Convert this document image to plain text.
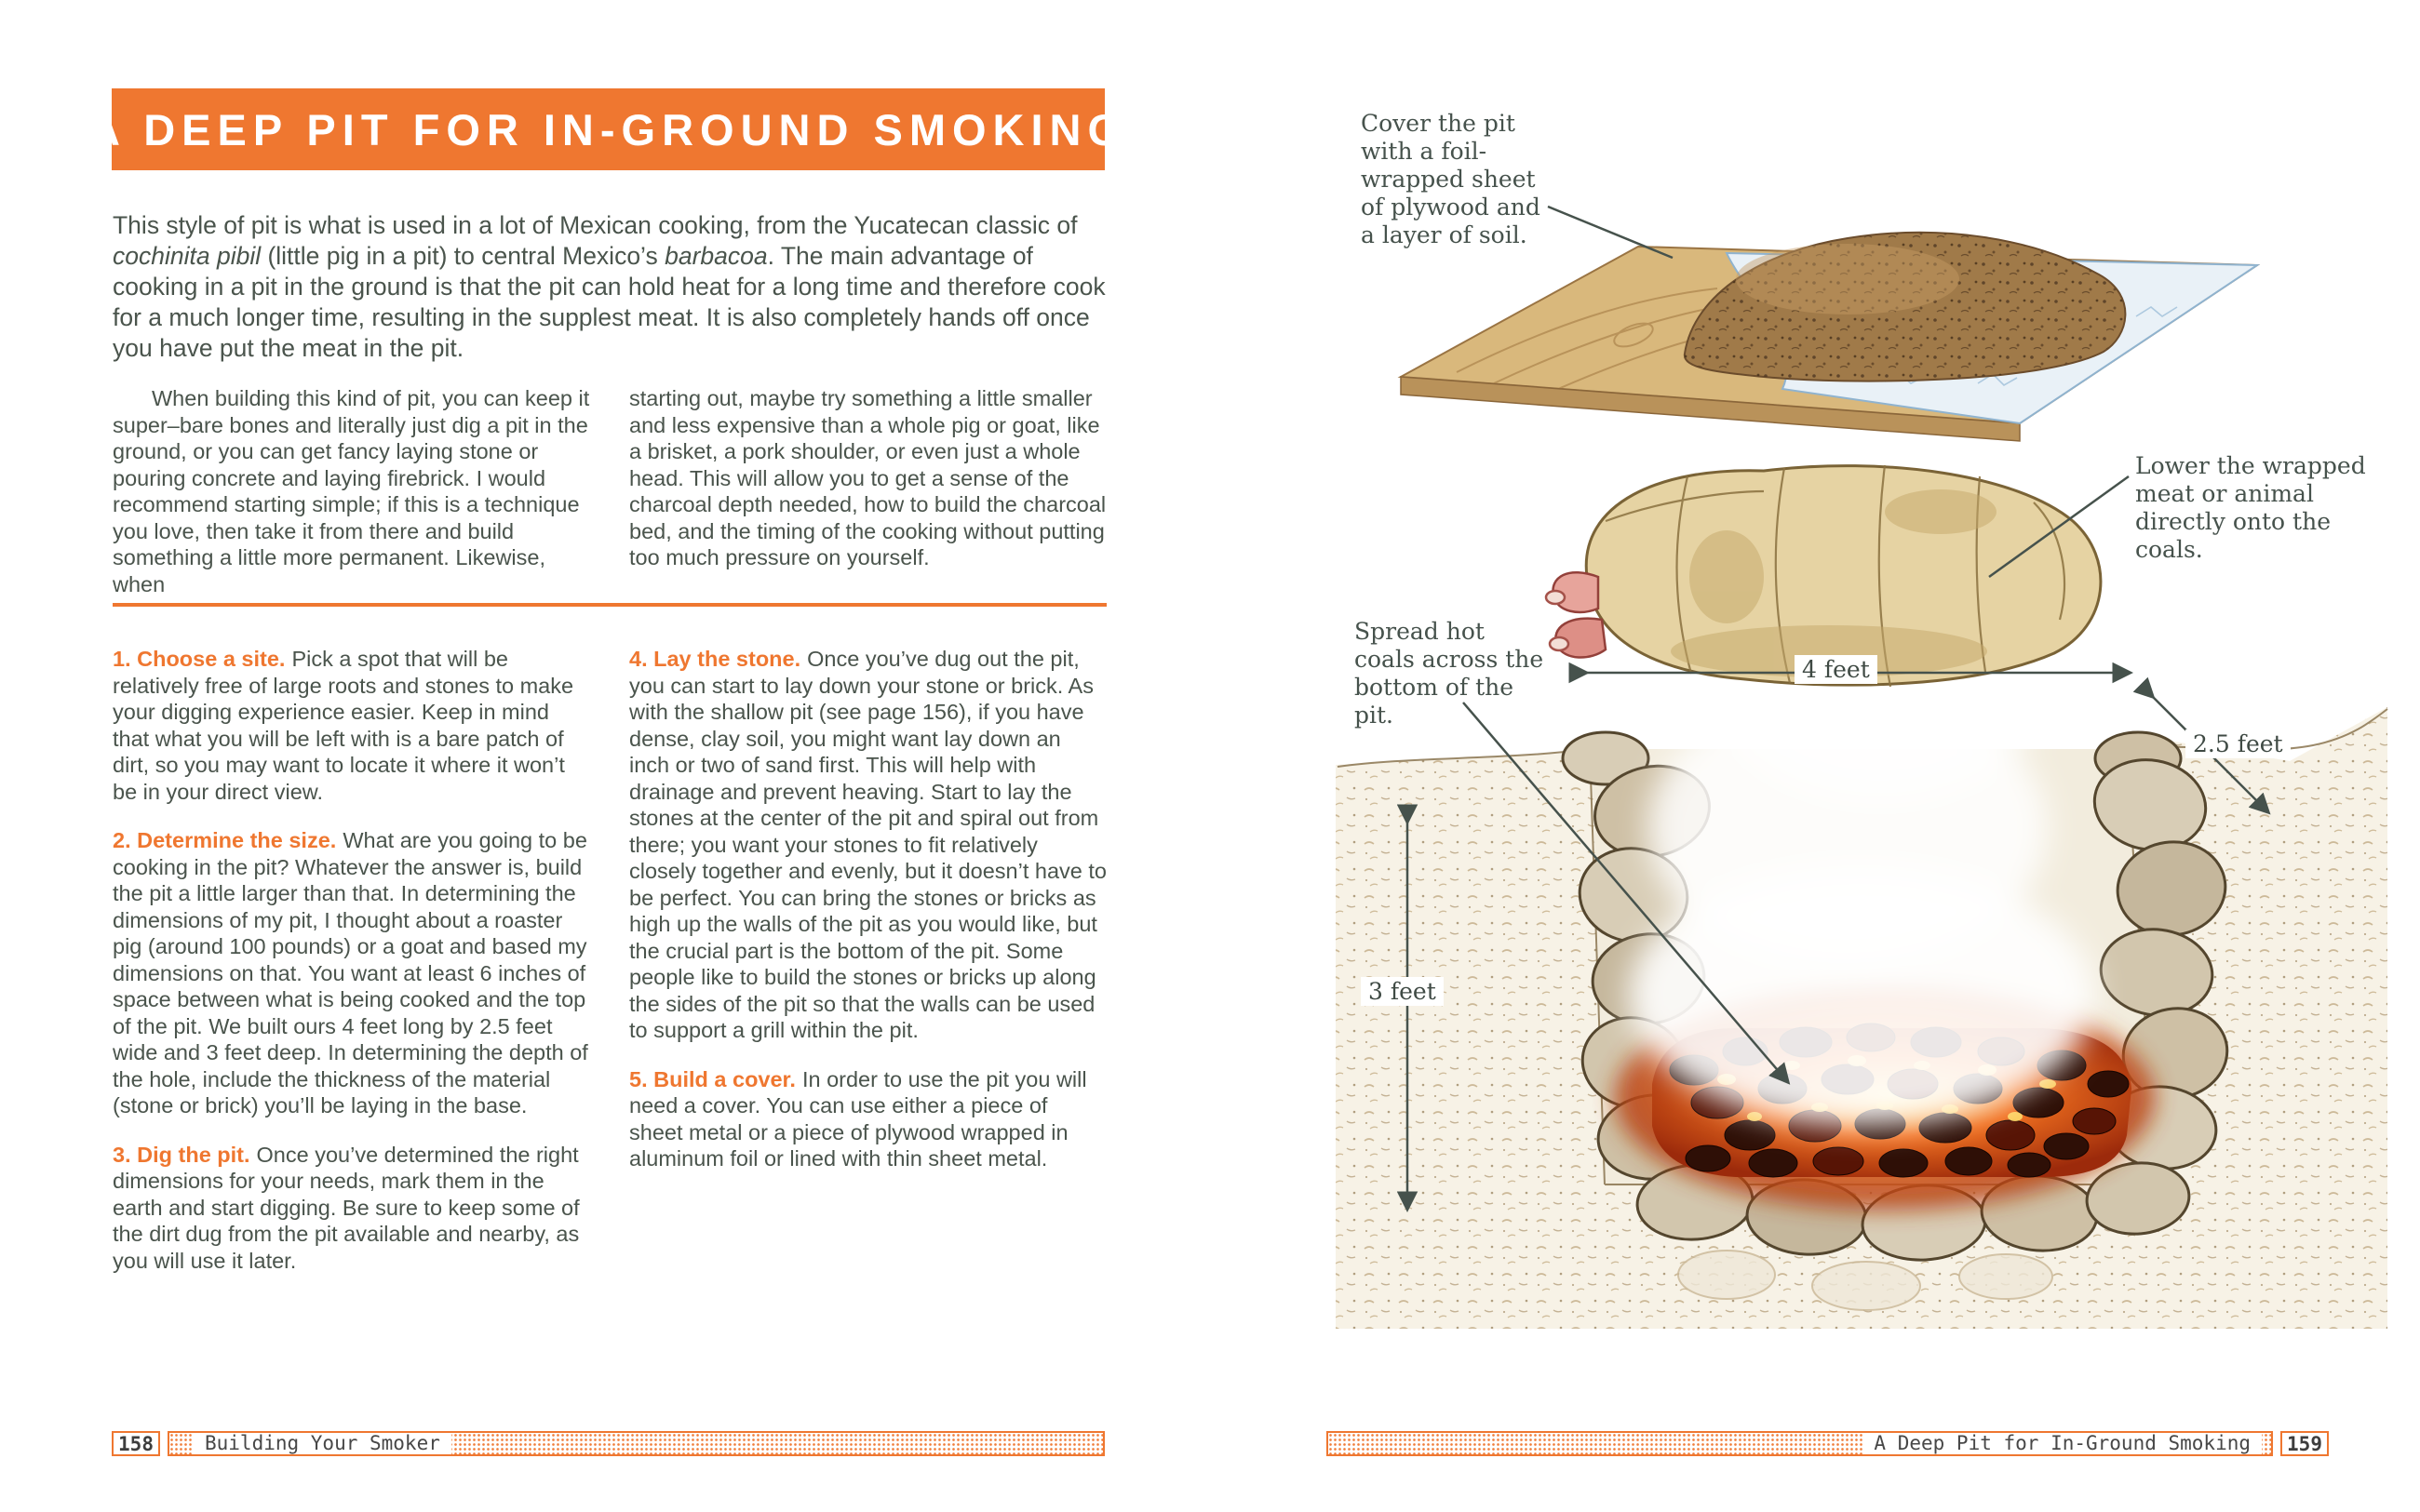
A DEEP PIT FOR IN-GROUND SMOKING
This style of pit is what is used in a lot of Mexican cooking, from the Yucatecan classic of cochinita pibil (little pig in a pit) to central Mexico’s barbacoa. The main advantage of cooking in a pit in the ground is that the pit can hold heat for a long time and therefore cook for a much longer time, resulting in the supplest meat. It is also completely hands off once you have put the meat in the pit.

When building this kind of pit, you can keep it super–bare bones and literally just dig a pit in the ground, or you can get fancy laying stone or pouring concrete and laying firebrick. I would recommend starting simple; if this is a technique you love, then take it from there and build something a little more permanent. Likewise, when

starting out, maybe try something a little smaller and less expensive than a whole pig or goat, like a brisket, a pork shoulder, or even just a whole head. This will allow you to get a sense of the charcoal depth needed, how to build the charcoal bed, and the timing of the cooking without putting too much pressure on yourself.

1. Choose a site. Pick a spot that will be relatively free of large roots and stones to make your digging experience easier. Keep in mind that what you will be left with is a bare patch of dirt, so you may want to locate it where it won’t be in your direct view.

2. Determine the size. What are you going to be cooking in the pit? Whatever the answer is, build the pit a little larger than that. In determining the dimensions of my pit, I thought about a roaster pig (around 100 pounds) or a goat and based my dimensions on that. You want at least 6 inches of space between what is being cooked and the top of the pit. We built ours 4 feet long by 2.5 feet wide and 3 feet deep. In determining the depth of the hole, include the thickness of the material (stone or brick) you’ll be laying in the base.

3. Dig the pit. Once you’ve determined the right dimensions for your needs, mark them in the earth and start digging. Be sure to keep some of the dirt dug from the pit available and nearby, as you will use it later.

4. Lay the stone. Once you’ve dug out the pit, you can start to lay down your stone or brick. As with the shallow pit (see page 156), if you have dense, clay soil, you might want lay down an inch or two of sand first. This will help with drainage and prevent heaving. Start to lay the stones at the center of the pit and spiral out from there; you want your stones to fit relatively closely together and evenly, but it doesn’t have to be perfect. You can bring the stones or bricks as high up the walls of the pit as you would like, but the crucial part is the bottom of the pit. Some people like to build the stones or bricks up along the sides of the pit so that the walls can be used to support a grill within the pit.

5. Build a cover. In order to use the pit you will need a cover. You can use either a piece of sheet metal or a piece of plywood wrapped in aluminum foil or lined with thin sheet metal.

158	Building Your Smoker
Cover the pit with a foil-wrapped sheet of plywood and a layer of soil.
Lower the wrapped meat or animal directly onto the coals.
Spread hot coals across the bottom of the pit.
4 feet
2.5 feet
3 feet
A Deep Pit for In-Ground Smoking	159
